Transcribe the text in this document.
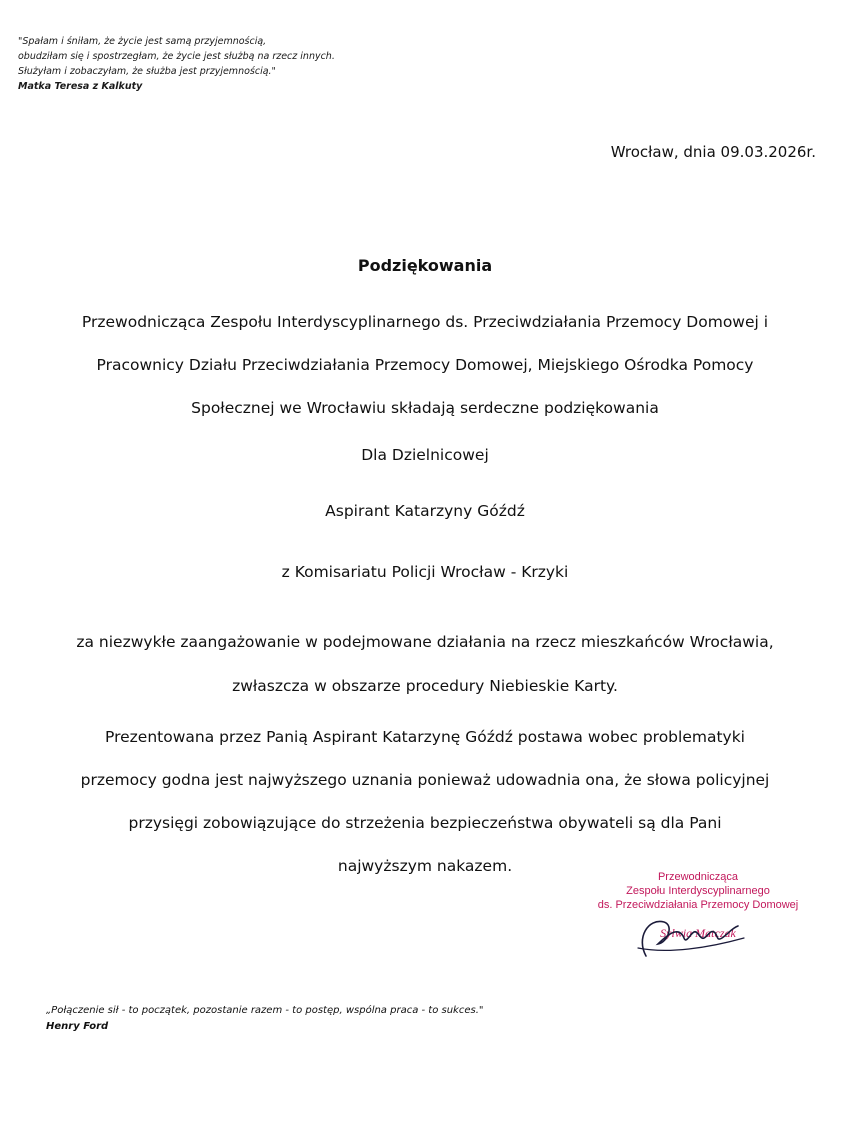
"Spałam i śniłam, że życie jest samą przyjemnością,
obudziłam się i spostrzegłam, że życie jest służbą na rzecz innych.
Służyłam i zobaczyłam, że służba jest przyjemnością."
Matka Teresa z Kalkuty
Wrocław, dnia 09.03.2026r.
Podziękowania
Przewodnicząca Zespołu Interdyscyplinarnego ds. Przeciwdziałania Przemocy Domowej i
Pracownicy Działu Przeciwdziałania Przemocy Domowej, Miejskiego Ośrodka Pomocy
Społecznej we Wrocławiu składają serdeczne podziękowania
Dla Dzielnicowej
Aspirant Katarzyny Góźdź
z Komisariatu Policji Wrocław - Krzyki
za niezwykłe zaangażowanie w podejmowane działania na rzecz mieszkańców Wrocławia,
zwłaszcza w obszarze procedury Niebieskie Karty.
Prezentowana przez Panią Aspirant Katarzynę Góźdź postawa wobec problematyki
przemocy godna jest najwyższego uznania ponieważ udowadnia ona, że słowa policyjnej
przysięgi zobowiązujące do strzeżenia bezpieczeństwa obywateli są dla Pani
najwyższym nakazem.
Przewodnicząca
Zespołu Interdyscyplinarnego
ds. Przeciwdziałania Przemocy Domowej
Sylwia Matczak
„Połączenie sił - to początek, pozostanie razem - to postęp, wspólna praca - to sukces."
Henry Ford
